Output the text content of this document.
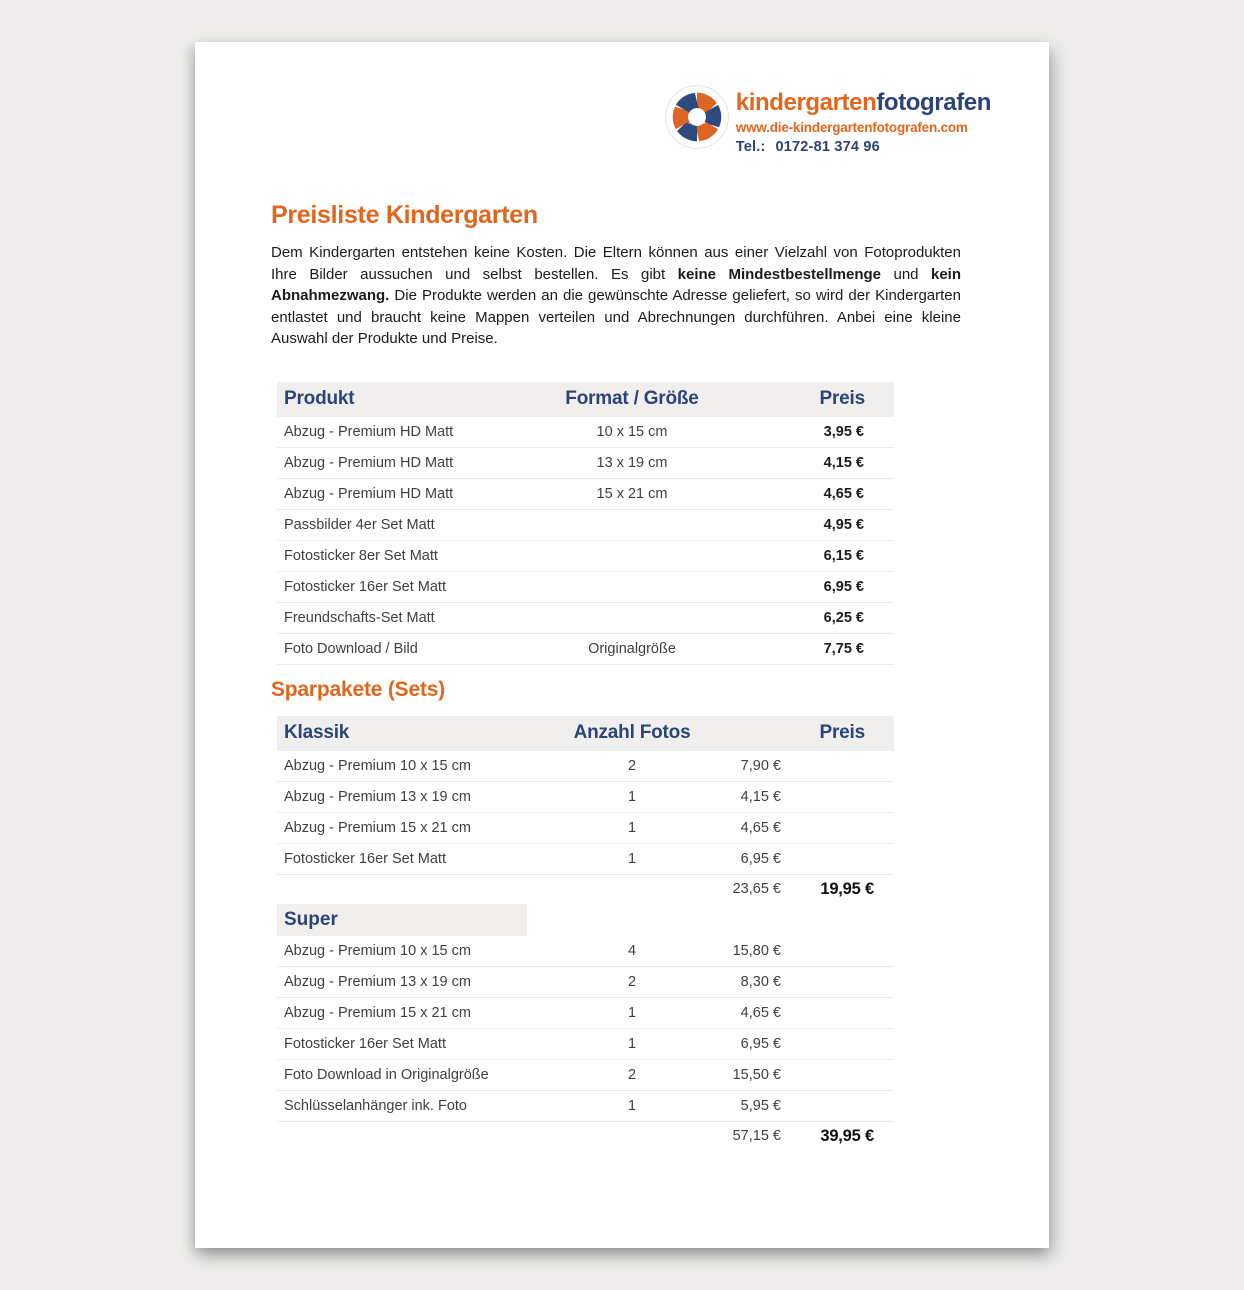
kindergartenfotografen
www.die-kindergartenfotografen.com
Tel.: 0172-81 374 96
Preisliste Kindergarten

Dem Kindergarten entstehen keine Kosten. Die Eltern können aus einer Vielzahl von Fotoprodukten Ihre Bilder aussuchen und selbst bestellen. Es gibt keine Mindestbestellmenge und kein Abnahmezwang. Die Produkte werden an die gewünschte Adresse geliefert, so wird der Kindergarten entlastet und braucht keine Mappen verteilen und Abrechnungen durchführen. Anbei eine kleine Auswahl der Produkte und Preise.

Produkt	Format / Größe	Preis
Abzug - Premium HD Matt	10 x 15 cm	3,95 €
Abzug - Premium HD Matt	13 x 19 cm	4,15 €
Abzug - Premium HD Matt	15 x 21 cm	4,65 €
Passbilder 4er Set Matt	4,95 €
Fotosticker 8er Set Matt	6,15 €
Fotosticker 16er Set Matt	6,95 €
Freundschafts-Set Matt	6,25 €
Foto Download / Bild	Originalgröße	7,75 €
Sparpakete (Sets)
Klassik	Anzahl Fotos	Preis
Abzug - Premium 10 x 15 cm	2	7,90 €
Abzug - Premium 13 x 19 cm	1	4,15 €
Abzug - Premium 15 x 21 cm	1	4,65 €
Fotosticker 16er Set Matt	1	6,95 €
23,65 €	19,95 €
Super
Abzug - Premium 10 x 15 cm	4	15,80 €
Abzug - Premium 13 x 19 cm	2	8,30 €
Abzug - Premium 15 x 21 cm	1	4,65 €
Fotosticker 16er Set Matt	1	6,95 €
Foto Download in Originalgröße	2	15,50 €
Schlüsselanhänger ink. Foto	1	5,95 €
57,15 €	39,95 €
